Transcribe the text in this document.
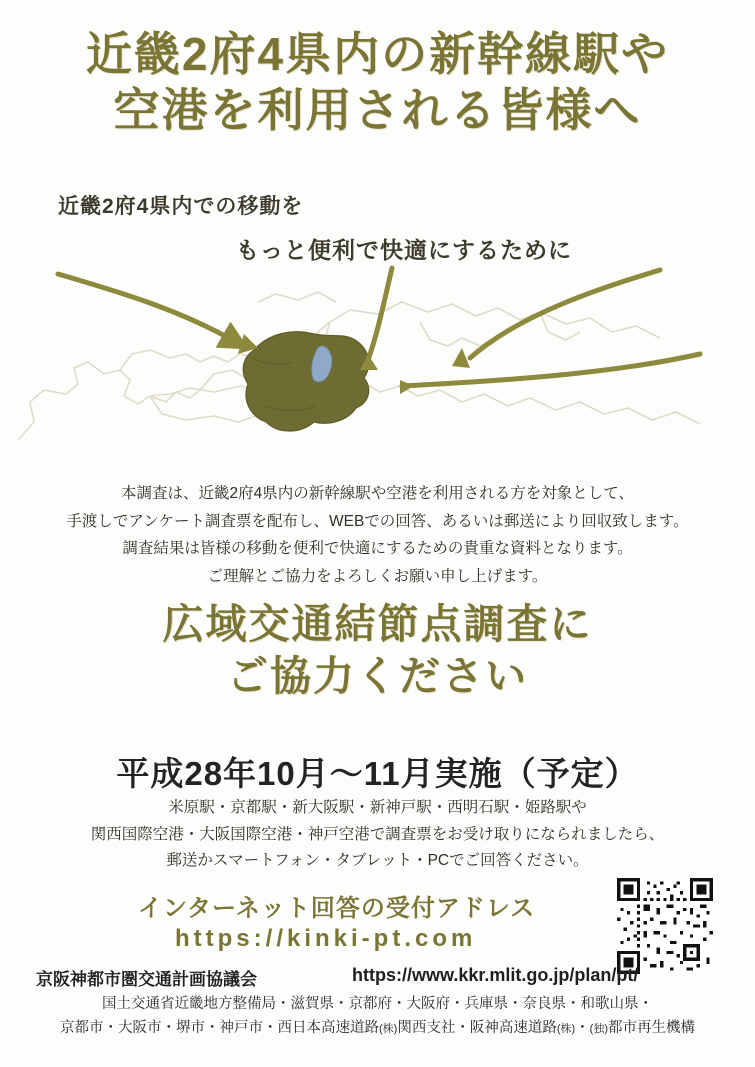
近畿2府4県内の新幹線駅や
空港を利用される皆様へ
近畿2府4県内での移動を
もっと便利で快適にするために
本調査は、近畿2府4県内の新幹線駅や空港を利用される方を対象として、
手渡しでアンケート調査票を配布し、WEBでの回答、あるいは郵送により回収致します。
調査結果は皆様の移動を便利で快適にするための貴重な資料となります。
ご理解とご協力をよろしくお願い申し上げます。
広域交通結節点調査に
ご協力ください
平成28年10月〜11月実施（予定）
米原駅・京都駅・新大阪駅・新神戸駅・西明石駅・姫路駅や
関西国際空港・大阪国際空港・神戸空港で調査票をお受け取りになられましたら、
郵送かスマートフォン・タブレット・PCでご回答ください。
インターネット回答の受付アドレス
https://kinki-pt.com
京阪神都市圏交通計画協議会	https://www.kkr.mlit.go.jp/plan/pt/
国土交通省近畿地方整備局・滋賀県・京都府・大阪府・兵庫県・奈良県・和歌山県・
京都市・大阪市・堺市・神戸市・西日本高速道路(株)関西支社・阪神高速道路(株)・(独)都市再生機構
